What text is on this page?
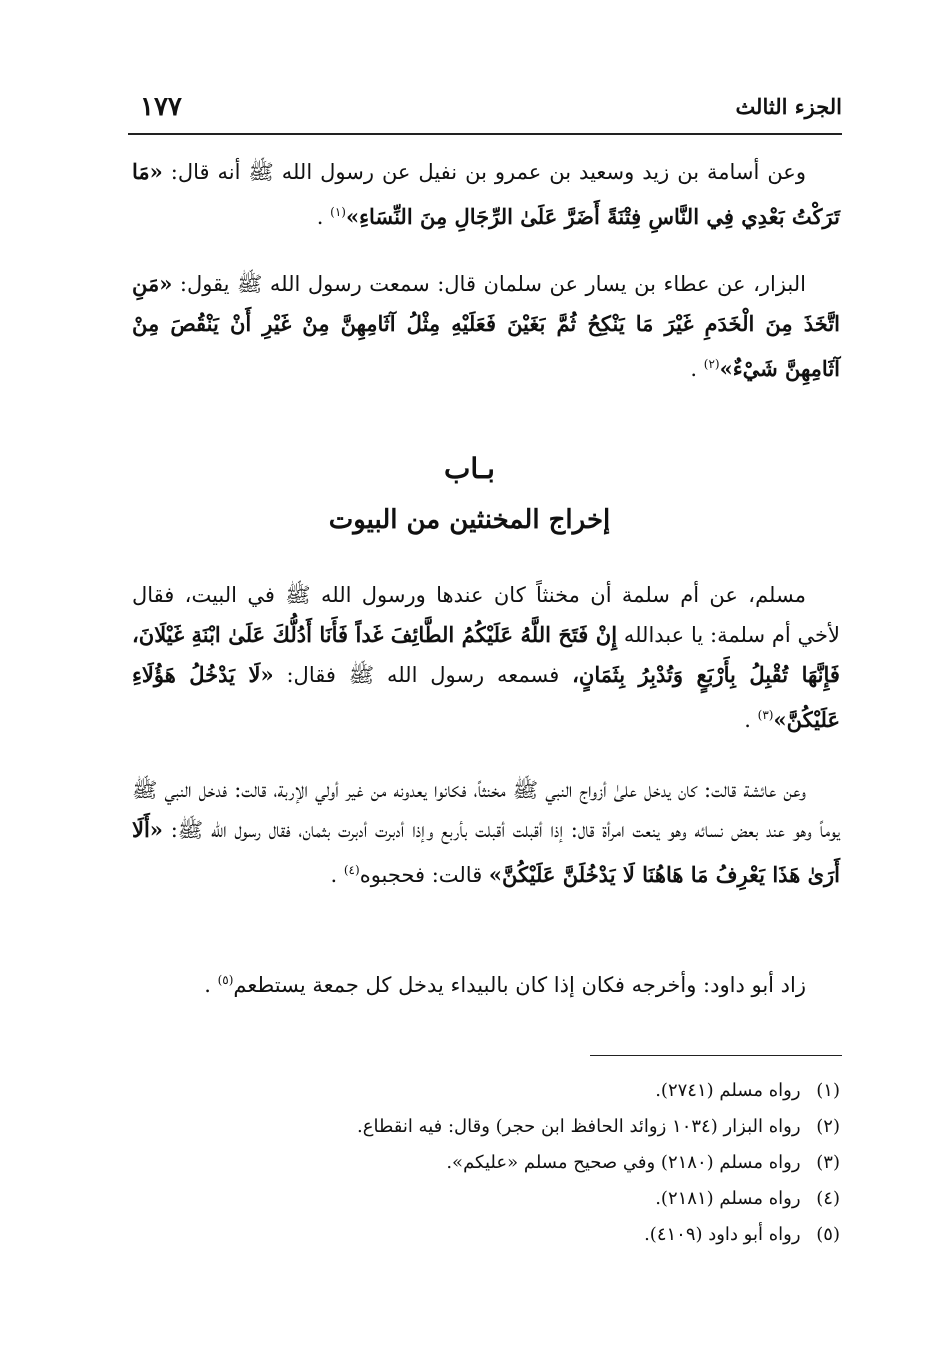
الجزء الثالث
١٧٧

وعن أسامة بن زيد وسعيد بن عمرو بن نفيل عن رسول الله ﷺ أنه قال: «مَا تَرَكْتُ بَعْدِي فِي النَّاسِ فِتْنَةً أَضَرَّ عَلَىٰ الرِّجَالِ مِنَ النِّسَاءِ»$^{(١)}$ .

البزار، عن عطاء بن يسار عن سلمان قال: سمعت رسول الله ﷺ يقول: «مَنِ اتَّخَذَ مِنَ الْخَدَمِ غَيْرَ مَا يَنْكِحُ ثُمَّ بَغَيْنَ فَعَلَيْهِ مِثْلُ آثَامِهِنَّ مِنْ غَيْرِ أَنْ يَنْقُصَ مِنْ آثَامِهِنَّ شَيْءٌ»$^{(٢)}$ .

بـاب
إخراج المخنثين من البيوت

مسلم، عن أم سلمة أن مخنثاً كان عندها ورسول الله ﷺ في البيت، فقال لأخي أم سلمة: يا عبدالله إِنْ فَتَحَ اللَّهُ عَلَيْكُمُ الطَّائِفَ غَداً فَأَنَا أَدُلُّكَ عَلَىٰ ابْنَةِ غَيْلَانَ، فَإِنَّهَا تُقْبِلُ بِأَرْبَعٍ وَتُدْبِرُ بِثَمَانٍ، فسمعه رسول الله ﷺ فقال: «لَا يَدْخُلُ هَؤُلَاءِ عَلَيْكُنَّ»$^{(٣)}$ .

وعن عائشة قالت: كان يدخل علىٰ أزواج النبي ﷺ مخنثاً، فكانوا يعدونه من غير أولي الإربة، قالت: فدخل النبي ﷺ يوماً وهو عند بعض نسائه وهو ينعت امرأة قال: إذا أقبلت أقبلت بأربع وإذا أدبرت أدبرت بثمان، فقال رسول الله ﷺ: «أَلَا أَرَىٰ هَذَا يَعْرِفُ مَا هَاهُنَا لَا يَدْخُلَنَّ عَلَيْكُنَّ» قالت: فحجبوه$^{(٤)}$ .

زاد أبو داود: وأخرجه فكان إذا كان بالبيداء يدخل كل جمعة يستطعم$^{(٥)}$ .

(١) رواه مسلم (٢٧٤١).
(٢) رواه البزار (١٠٣٤ زوائد الحافظ ابن حجر) وقال: فيه انقطاع.
(٣) رواه مسلم (٢١٨٠) وفي صحيح مسلم «عليكم».
(٤) رواه مسلم (٢١٨١).
(٥) رواه أبو داود (٤١٠٩).
